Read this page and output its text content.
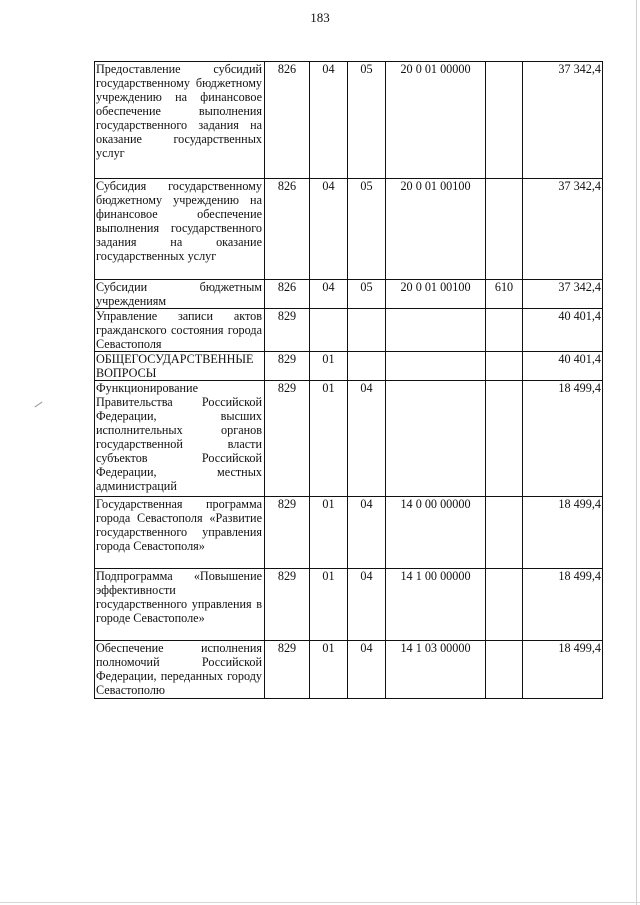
183
Предоставление субсидий государственному бюджетному учреждению на финансовое обеспечение выполнения государственного задания на оказание государственных услуг	826	04	05	20 0 01 00000		37 342,4
Субсидия государственному бюджетному учреждению на финансовое обеспечение выполнения государственного задания на оказание государственных услуг	826	04	05	20 0 01 00100		37 342,4
Субсидии бюджетным учреждениям	826	04	05	20 0 01 00100	610	37 342,4
Управление записи актов гражданского состояния города Севастополя	829					40 401,4
ОБЩЕГОСУДАРСТВЕННЫЕ ВОПРОСЫ	829	01				40 401,4
Функционирование Правительства Российской Федерации, высших исполнительных органов государственной власти субъектов Российской Федерации, местных администраций	829	01	04			18 499,4
Государственная программа города Севастополя «Развитие государственного управления города Севастополя»	829	01	04	14 0 00 00000		18 499,4
Подпрограмма «Повышение эффективности государственного управления в городе Севастополе»	829	01	04	14 1 00 00000		18 499,4
Обеспечение исполнения полномочий Российской Федерации, переданных городу Севастополю	829	01	04	14 1 03 00000		18 499,4
